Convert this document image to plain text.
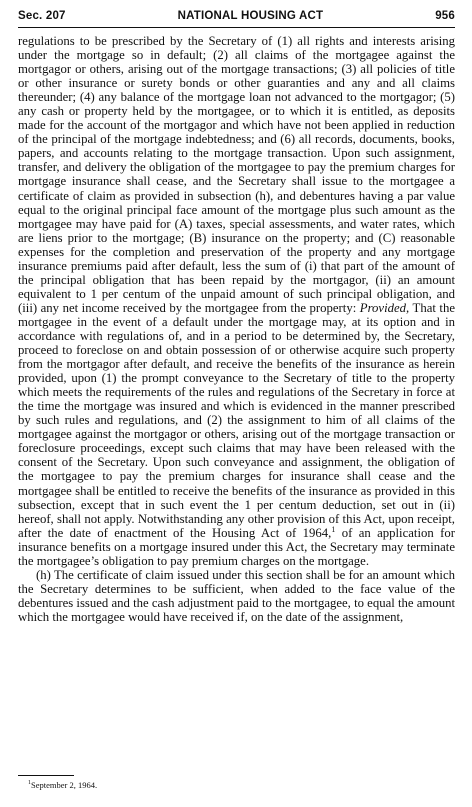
Sec. 207	NATIONAL HOUSING ACT	956

regulations to be prescribed by the Secretary of (1) all rights and interests arising under the mortgage so in default; (2) all claims of the mortgagee against the mortgagor or others, arising out of the mortgage transactions; (3) all policies of title or other insurance or surety bonds or other guaranties and any and all claims thereunder; (4) any balance of the mortgage loan not advanced to the mortgagor; (5) any cash or property held by the mortgagee, or to which it is entitled, as deposits made for the account of the mortgagor and which have not been applied in reduction of the principal of the mortgage indebtedness; and (6) all records, documents, books, papers, and accounts relating to the mortgage transaction. Upon such assignment, transfer, and delivery the obligation of the mortgagee to pay the premium charges for mortgage insurance shall cease, and the Secretary shall issue to the mortgagee a certificate of claim as provided in subsection (h), and debentures having a par value equal to the original principal face amount of the mortgage plus such amount as the mortgagee may have paid for (A) taxes, special assessments, and water rates, which are liens prior to the mortgage; (B) insurance on the property; and (C) reasonable expenses for the completion and preservation of the property and any mortgage insurance premiums paid after default, less the sum of (i) that part of the amount of the principal obligation that has been repaid by the mortgagor, (ii) an amount equivalent to 1 per centum of the unpaid amount of such principal obligation, and (iii) any net income received by the mortgagee from the property: Provided, That the mortgagee in the event of a default under the mortgage may, at its option and in accordance with regulations of, and in a period to be determined by, the Secretary, proceed to foreclose on and obtain possession of or otherwise acquire such property from the mortgagor after default, and receive the benefits of the insurance as herein provided, upon (1) the prompt conveyance to the Secretary of title to the property which meets the requirements of the rules and regulations of the Secretary in force at the time the mortgage was insured and which is evidenced in the manner prescribed by such rules and regulations, and (2) the assignment to him of all claims of the mortgagee against the mortgagor or others, arising out of the mortgage transaction or foreclosure proceedings, except such claims that may have been released with the consent of the Secretary. Upon such conveyance and assignment, the obligation of the mortgagee to pay the premium charges for insurance shall cease and the mortgagee shall be entitled to receive the benefits of the insurance as provided in this subsection, except that in such event the 1 per centum deduction, set out in (ii) hereof, shall not apply. Notwithstanding any other provision of this Act, upon receipt, after the date of enactment of the Housing Act of 1964,$^1$ of an application for insurance benefits on a mortgage insured under this Act, the Secretary may terminate the mortgagee’s obligation to pay premium charges on the mortgage.

(h) The certificate of claim issued under this section shall be for an amount which the Secretary determines to be sufficient, when added to the face value of the debentures issued and the cash adjustment paid to the mortgagee, to equal the amount which the mortgagee would have received if, on the date of the assignment,

$^1$September 2, 1964.
